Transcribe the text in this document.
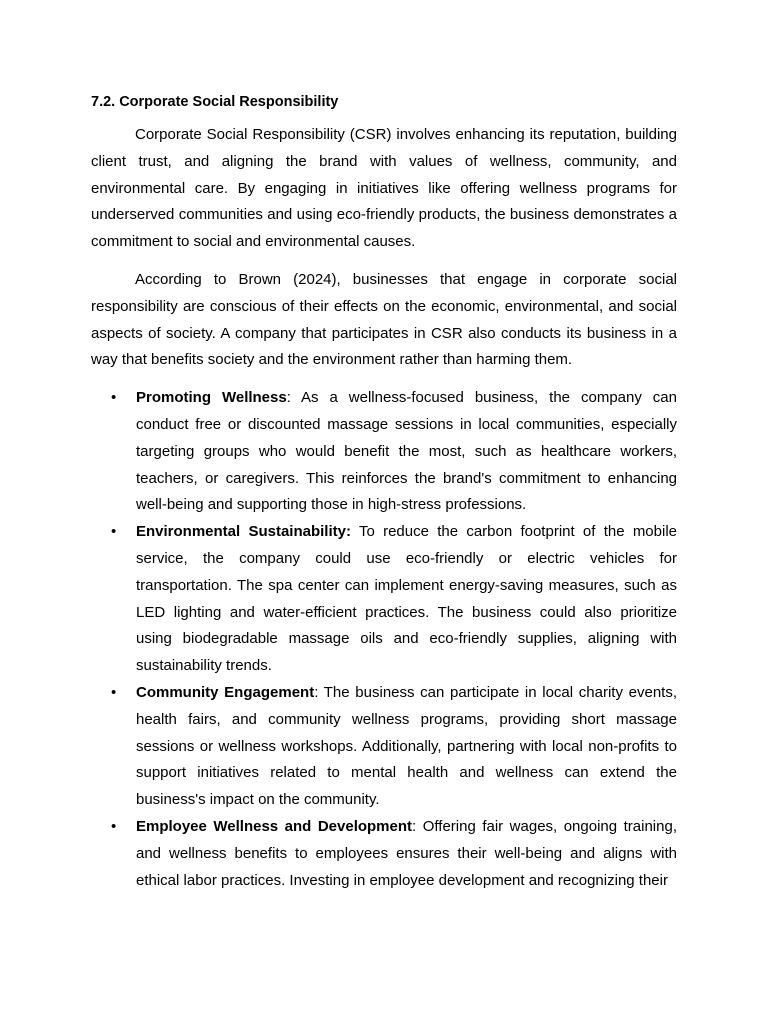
7.2. Corporate Social Responsibility

Corporate Social Responsibility (CSR) involves enhancing its reputation, building client trust, and aligning the brand with values of wellness, community, and environmental care. By engaging in initiatives like offering wellness programs for underserved communities and using eco-friendly products, the business demonstrates a commitment to social and environmental causes.

According to Brown (2024), businesses that engage in corporate social responsibility are conscious of their effects on the economic, environmental, and social aspects of society. A company that participates in CSR also conducts its business in a way that benefits society and the environment rather than harming them.

• Promoting Wellness: As a wellness-focused business, the company can conduct free or discounted massage sessions in local communities, especially targeting groups who would benefit the most, such as healthcare workers, teachers, or caregivers. This reinforces the brand's commitment to enhancing well-being and supporting those in high-stress professions.
• Environmental Sustainability: To reduce the carbon footprint of the mobile service, the company could use eco-friendly or electric vehicles for transportation. The spa center can implement energy-saving measures, such as LED lighting and water-efficient practices. The business could also prioritize using biodegradable massage oils and eco-friendly supplies, aligning with sustainability trends.
• Community Engagement: The business can participate in local charity events, health fairs, and community wellness programs, providing short massage sessions or wellness workshops. Additionally, partnering with local non-profits to support initiatives related to mental health and wellness can extend the business's impact on the community.
• Employee Wellness and Development: Offering fair wages, ongoing training, and wellness benefits to employees ensures their well-being and aligns with ethical labor practices. Investing in employee development and recognizing their
